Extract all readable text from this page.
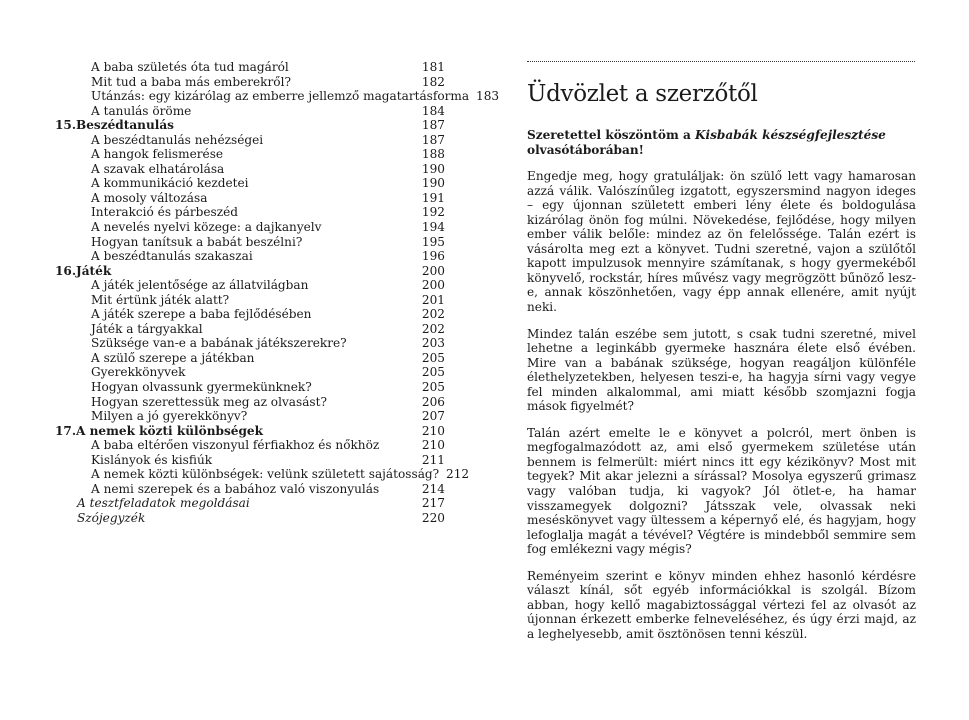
A baba születés óta tud magáról	181
Mit tud a baba más emberekről?	182
Utánzás: egy kizárólag az emberre jellemző magatartásforma 183
A tanulás öröme	184
15.Beszédtanulás	187
A beszédtanulás nehézségei	187
A hangok felismerése	188
A szavak elhatárolása	190
A kommunikáció kezdetei	190
A mosoly változása	191
Interakció és párbeszéd	192
A nevelés nyelvi közege: a dajkanyelv	194
Hogyan tanítsuk a babát beszélni?	195
A beszédtanulás szakaszai	196
16.Játék	200
A játék jelentősége az állatvilágban	200
Mit értünk játék alatt?	201
A játék szerepe a baba fejlődésében	202
Játék a tárgyakkal	202
Szüksége van-e a babának játékszerekre?	203
A szülő szerepe a játékban	205
Gyerekkönyvek	205
Hogyan olvassunk gyermekünknek?	205
Hogyan szerettessük meg az olvasást?	206
Milyen a jó gyerekkönyv?	207
17.A nemek közti különbségek	210
A baba eltérően viszonyul férfiakhoz és nőkhöz	210
Kislányok és kisfiúk	211
A nemek közti különbségek: velünk született sajátosság? 212
A nemi szerepek és a babához való viszonyulás	214
A tesztfeladatok megoldásai	217
Szójegyzék	220
Üdvözlet a szerzőtől

Szeretettel köszöntöm a Kisbabák készségfejlesztése olvasótáborában!

Engedje meg, hogy gratuláljak: ön szülő lett vagy hamarosan azzá válik. Valószínűleg izgatott, egyszersmind nagyon ideges – egy újonnan született emberi lény élete és boldogulása kizárólag önön fog múlni. Növekedése, fejlődése, hogy milyen ember válik belőle: mindez az ön felelőssége. Talán ezért is vásárolta meg ezt a könyvet. Tudni szeretné, vajon a szülőtől kapott impulzusok mennyire számítanak, s hogy gyermekéből könyvelő, rockstár, híres művész vagy megrögzött bűnöző lesz-e, annak köszönhetően, vagy épp annak ellenére, amit nyújt neki.

Mindez talán eszébe sem jutott, s csak tudni szeretné, mivel lehetne a leginkább gyermeke hasznára élete első évében. Mire van a babának szüksége, hogyan reagáljon különféle élethelyzetekben, helyesen teszi-e, ha hagyja sírni vagy vegye fel minden alkalommal, ami miatt később szomjazni fogja mások figyelmét?

Talán azért emelte le e könyvet a polcról, mert önben is megfogalmazódott az, ami első gyermekem születése után bennem is felmerült: miért nincs itt egy kézikönyv? Most mit tegyek? Mit akar jelezni a sírással? Mosolya egyszerű grimasz vagy valóban tudja, ki vagyok? Jól ötlet-e, ha hamar visszamegyek dolgozni? Játsszak vele, olvassak neki meséskönyvet vagy ültessem a képernyő elé, és hagyjam, hogy lefoglalja magát a tévével? Végtére is mindebből semmire sem fog emlékezni vagy mégis?

Reményeim szerint e könyv minden ehhez hasonló kérdésre választ kínál, sőt egyéb információkkal is szolgál. Bízom abban, hogy kellő magabiztossággal vértezi fel az olvasót az újonnan érkezett emberke felneveléséhez, és úgy érzi majd, az a leghelyesebb, amit ösztönösen tenni készül.
